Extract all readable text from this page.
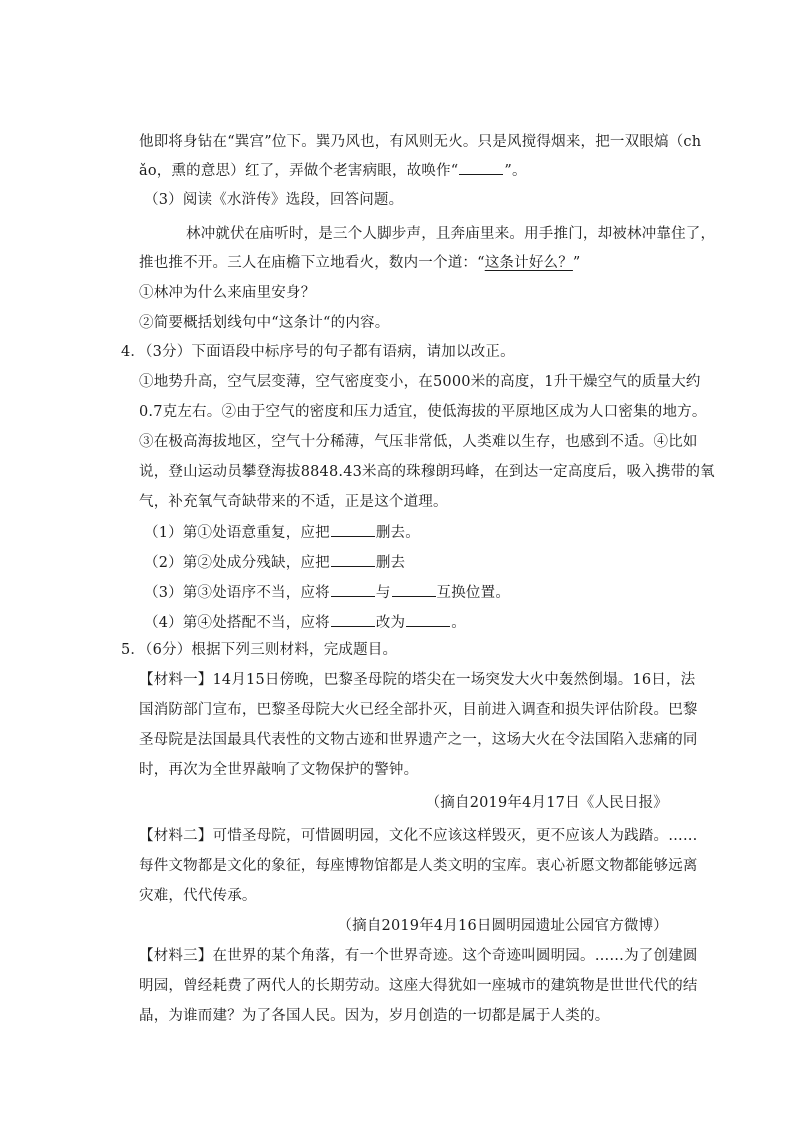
他即将身钻在“巽宫”位下。巽乃风也，有风则无火。只是风搅得烟来，把一双眼熇（ch
ǎo，熏的意思）红了，弄做个老害病眼，故唤作“	”。
（3）阅读《水浒传》选段，回答问题。
林冲就伏在庙听时，是三个人脚步声，且奔庙里来。用手推门，却被林冲靠住了，
推也推不开。三人在庙檐下立地看火，数内一个道：“这条计好么？”
①林冲为什么来庙里安身？
②简要概括划线句中“这条计“的内容。
4．（3分）下面语段中标序号的句子都有语病，请加以改正。
①地势升高，空气层变薄，空气密度变小，在5000米的高度，1升干燥空气的质量大约
0.7克左右。②由于空气的密度和压力适宜，使低海拔的平原地区成为人口密集的地方。
③在极高海拔地区，空气十分稀薄，气压非常低，人类难以生存，也感到不适。④比如
说，登山运动员攀登海拔8848.43米高的珠穆朗玛峰，在到达一定高度后，吸入携带的氧
气，补充氧气奇缺带来的不适，正是这个道理。
（1）第①处语意重复，应把	删去。
（2）第②处成分残缺，应把	删去
（3）第③处语序不当，应将	与	互换位置。
（4）第④处搭配不当，应将	改为	。
5．（6分）根据下列三则材料，完成题目。
【材料一】14月15日傍晚，巴黎圣母院的塔尖在一场突发大火中轰然倒塌。16日，法
国消防部门宣布，巴黎圣母院大火已经全部扑灭，目前进入调查和损失评估阶段。巴黎
圣母院是法国最具代表性的文物古迹和世界遗产之一，这场大火在令法国陷入悲痛的同
时，再次为全世界敲响了文物保护的警钟。
（摘自2019年4月17日《人民日报》
【材料二】可惜圣母院，可惜圆明园，文化不应该这样毁灭，更不应该人为践踏。……
每件文物都是文化的象征，每座博物馆都是人类文明的宝库。衷心祈愿文物都能够远离
灾难，代代传承。
（摘自2019年4月16日圆明园遗址公园官方微博）
【材料三】在世界的某个角落，有一个世界奇迹。这个奇迹叫圆明园。……为了创建圆
明园，曾经耗费了两代人的长期劳动。这座大得犹如一座城市的建筑物是世世代代的结
晶，为谁而建？为了各国人民。因为，岁月创造的一切都是属于人类的。
